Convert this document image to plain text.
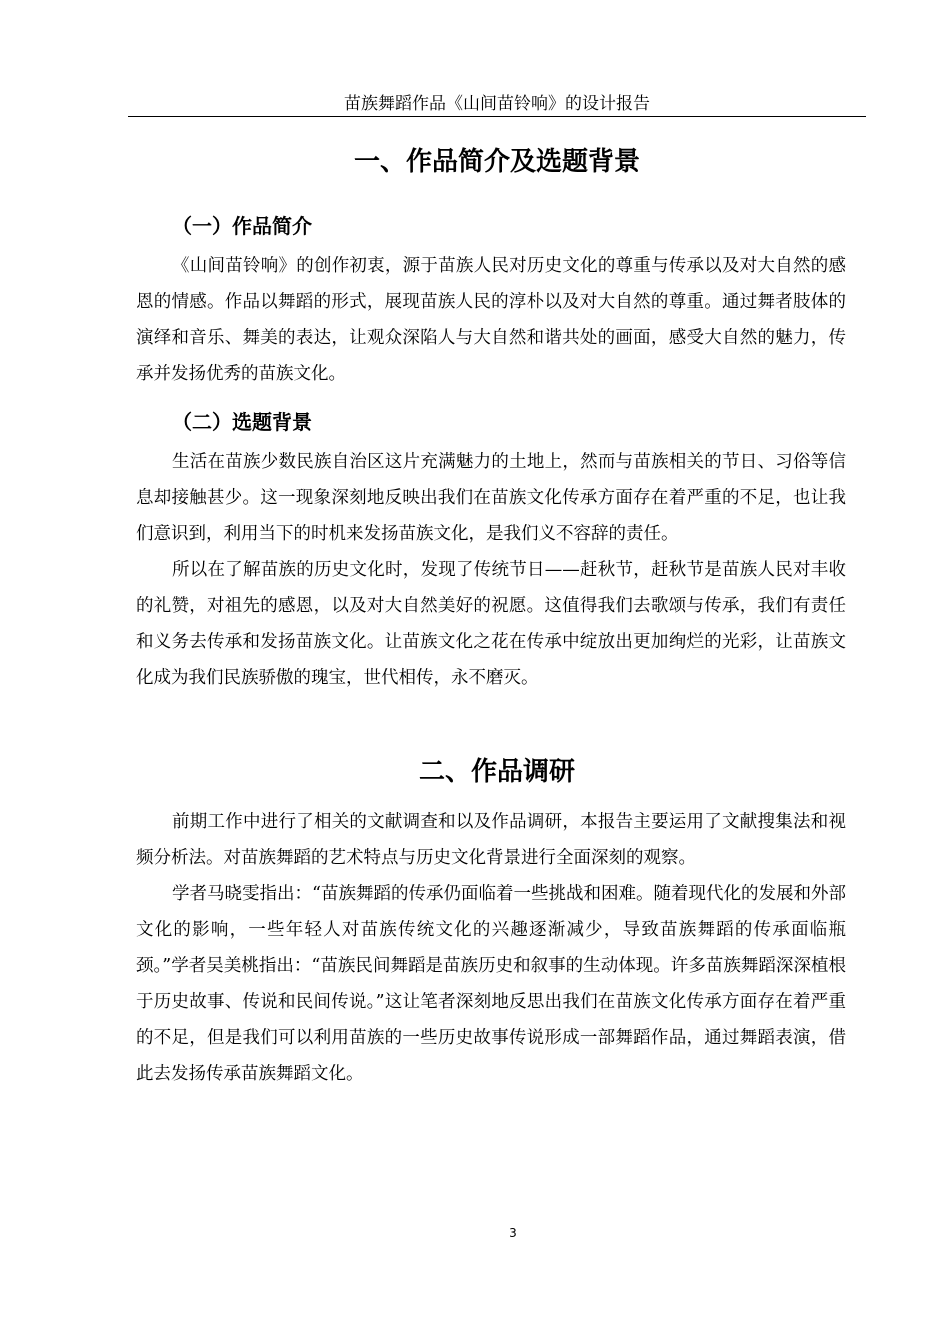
苗族舞蹈作品《山间苗铃响》的设计报告
一、作品简介及选题背景
（一）作品简介

《山间苗铃响》的创作初衷，源于苗族人民对历史文化的尊重与传承以及对大自然的感恩的情感。作品以舞蹈的形式，展现苗族人民的淳朴以及对大自然的尊重。通过舞者肢体的演绎和音乐、舞美的表达，让观众深陷人与大自然和谐共处的画面，感受大自然的魅力，传承并发扬优秀的苗族文化。

（二）选题背景

生活在苗族少数民族自治区这片充满魅力的土地上，然而与苗族相关的节日、习俗等信息却接触甚少。这一现象深刻地反映出我们在苗族文化传承方面存在着严重的不足，也让我们意识到，利用当下的时机来发扬苗族文化，是我们义不容辞的责任。

所以在了解苗族的历史文化时，发现了传统节日——赶秋节，赶秋节是苗族人民对丰收的礼赞，对祖先的感恩，以及对大自然美好的祝愿。这值得我们去歌颂与传承，我们有责任和义务去传承和发扬苗族文化。让苗族文化之花在传承中绽放出更加绚烂的光彩，让苗族文化成为我们民族骄傲的瑰宝，世代相传，永不磨灭。

二、作品调研

前期工作中进行了相关的文献调查和以及作品调研，本报告主要运用了文献搜集法和视频分析法。对苗族舞蹈的艺术特点与历史文化背景进行全面深刻的观察。

学者马晓雯指出：“苗族舞蹈的传承仍面临着一些挑战和困难。随着现代化的发展和外部文化的影响，一些年轻人对苗族传统文化的兴趣逐渐减少，导致苗族舞蹈的传承面临瓶颈。”学者吴美桃指出：“苗族民间舞蹈是苗族历史和叙事的生动体现。许多苗族舞蹈深深植根于历史故事、传说和民间传说。”这让笔者深刻地反思出我们在苗族文化传承方面存在着严重的不足，但是我们可以利用苗族的一些历史故事传说形成一部舞蹈作品，通过舞蹈表演，借此去发扬传承苗族舞蹈文化。

3
